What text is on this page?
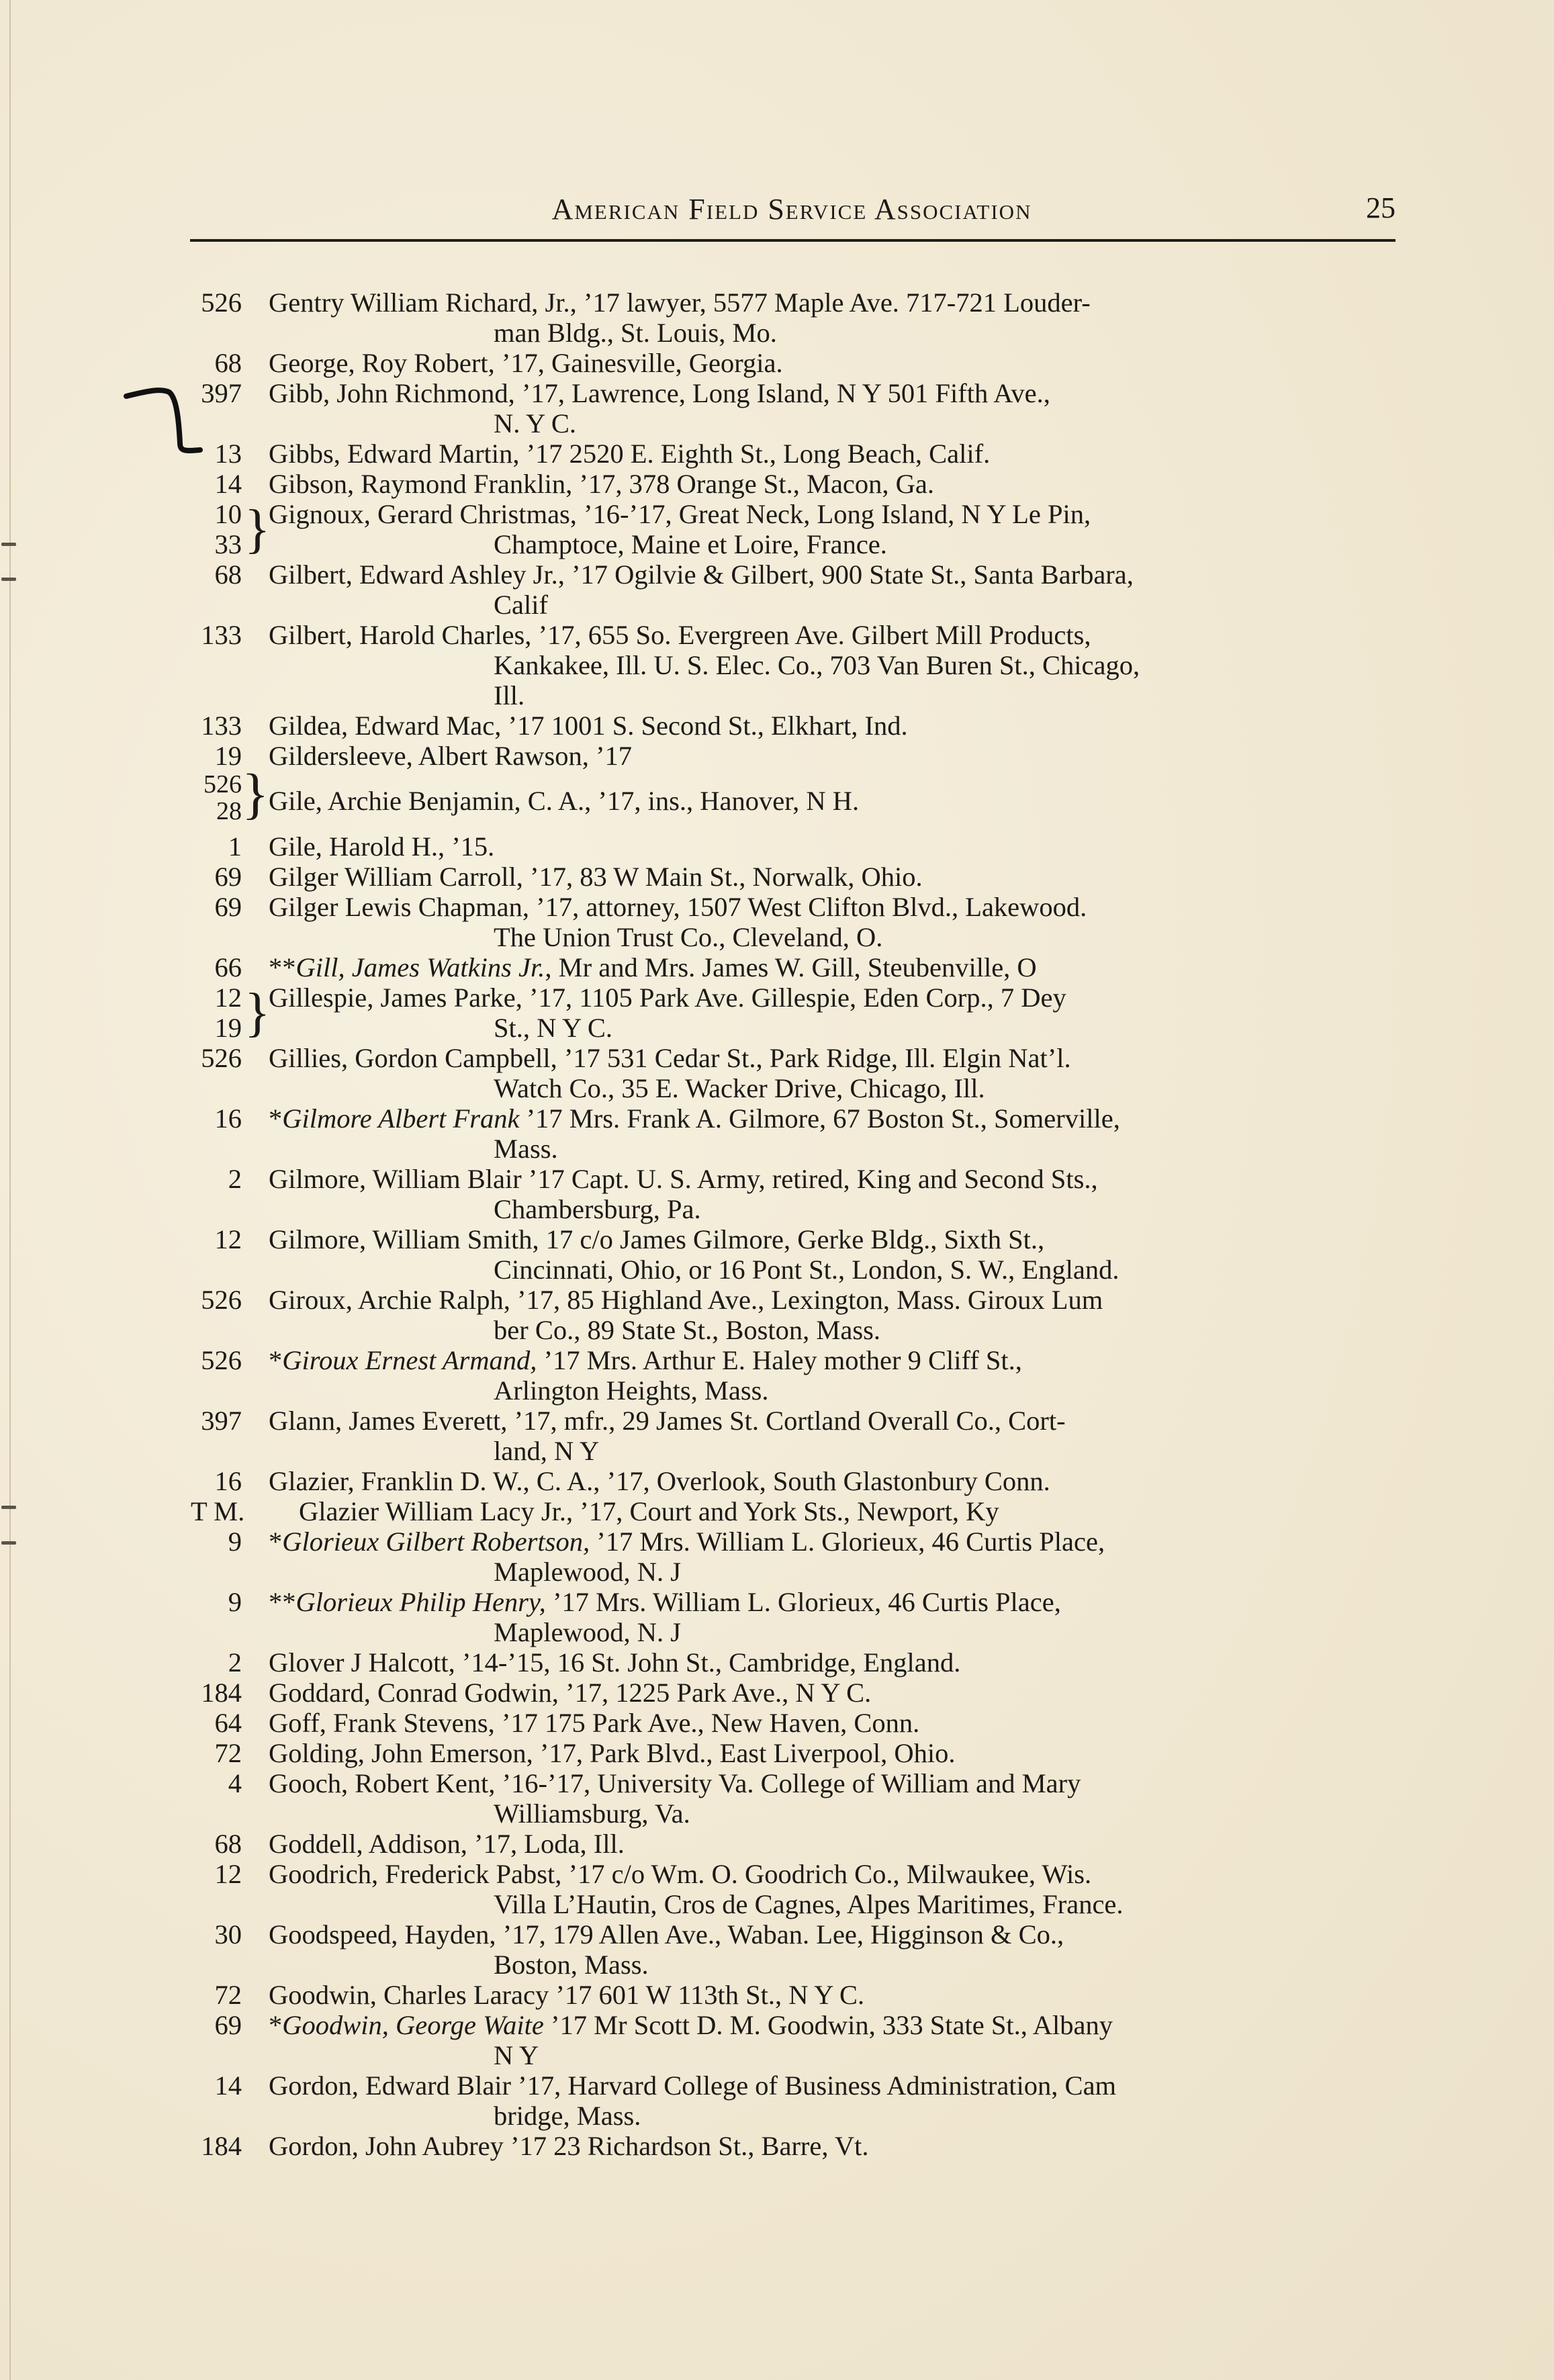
American Field Service Association	25
526 Gentry William Richard, Jr., ’17 lawyer, 5577 Maple Ave. 717-721 Louder-
man Bldg., St. Louis, Mo.
68 George, Roy Robert, ’17, Gainesville, Georgia.
397 Gibb, John Richmond, ’17, Lawrence, Long Island, N Y 501 Fifth Ave.,
N. Y C.
13 Gibbs, Edward Martin, ’17 2520 E. Eighth St., Long Beach, Calif.
14 Gibson, Raymond Franklin, ’17, 378 Orange St., Macon, Ga.
10
33 }
Gignoux, Gerard Christmas, ’16-’17, Great Neck, Long Island, N Y Le Pin,
Champtoce, Maine et Loire, France.
68 Gilbert, Edward Ashley Jr., ’17 Ogilvie & Gilbert, 900 State St., Santa Barbara,
Calif
133 Gilbert, Harold Charles, ’17, 655 So. Evergreen Ave. Gilbert Mill Products,
Kankakee, Ill. U. S. Elec. Co., 703 Van Buren St., Chicago,
Ill.
133 Gildea, Edward Mac, ’17 1001 S. Second St., Elkhart, Ind.
19 Gildersleeve, Albert Rawson, ’17
526
28 } Gile, Archie Benjamin, C. A., ’17, ins., Hanover, N H.
1 Gile, Harold H., ’15.
69 Gilger William Carroll, ’17, 83 W Main St., Norwalk, Ohio.
69 Gilger Lewis Chapman, ’17, attorney, 1507 West Clifton Blvd., Lakewood.
The Union Trust Co., Cleveland, O.
66 **Gill, James Watkins Jr., Mr and Mrs. James W. Gill, Steubenville, O
12
19 }
Gillespie, James Parke, ’17, 1105 Park Ave. Gillespie, Eden Corp., 7 Dey
St., N Y C.
526 Gillies, Gordon Campbell, ’17 531 Cedar St., Park Ridge, Ill. Elgin Nat’l.
Watch Co., 35 E. Wacker Drive, Chicago, Ill.
16 *Gilmore Albert Frank ’17 Mrs. Frank A. Gilmore, 67 Boston St., Somerville,
Mass.
2 Gilmore, William Blair ’17 Capt. U. S. Army, retired, King and Second Sts.,
Chambersburg, Pa.
12 Gilmore, William Smith, 17 c/o James Gilmore, Gerke Bldg., Sixth St.,
Cincinnati, Ohio, or 16 Pont St., London, S. W., England.
526 Giroux, Archie Ralph, ’17, 85 Highland Ave., Lexington, Mass. Giroux Lum
ber Co., 89 State St., Boston, Mass.
526 *Giroux Ernest Armand, ’17 Mrs. Arthur E. Haley mother 9 Cliff St.,
Arlington Heights, Mass.
397 Glann, James Everett, ’17, mfr., 29 James St. Cortland Overall Co., Cort-
land, N Y
16 Glazier, Franklin D. W., C. A., ’17, Overlook, South Glastonbury Conn.
T M. Glazier William Lacy Jr., ’17, Court and York Sts., Newport, Ky
9 *Glorieux Gilbert Robertson, ’17 Mrs. William L. Glorieux, 46 Curtis Place,
Maplewood, N. J
9 **Glorieux Philip Henry, ’17 Mrs. William L. Glorieux, 46 Curtis Place,
Maplewood, N. J
2 Glover J Halcott, ’14-’15, 16 St. John St., Cambridge, England.
184 Goddard, Conrad Godwin, ’17, 1225 Park Ave., N Y C.
64 Goff, Frank Stevens, ’17 175 Park Ave., New Haven, Conn.
72 Golding, John Emerson, ’17, Park Blvd., East Liverpool, Ohio.
4 Gooch, Robert Kent, ’16-’17, University Va. College of William and Mary
Williamsburg, Va.
68 Goddell, Addison, ’17, Loda, Ill.
12 Goodrich, Frederick Pabst, ’17 c/o Wm. O. Goodrich Co., Milwaukee, Wis.
Villa L’Hautin, Cros de Cagnes, Alpes Maritimes, France.
30 Goodspeed, Hayden, ’17, 179 Allen Ave., Waban. Lee, Higginson & Co.,
Boston, Mass.
72 Goodwin, Charles Laracy ’17 601 W 113th St., N Y C.
69 *Goodwin, George Waite ’17 Mr Scott D. M. Goodwin, 333 State St., Albany
N Y
14 Gordon, Edward Blair ’17, Harvard College of Business Administration, Cam
bridge, Mass.
184 Gordon, John Aubrey ’17 23 Richardson St., Barre, Vt.
